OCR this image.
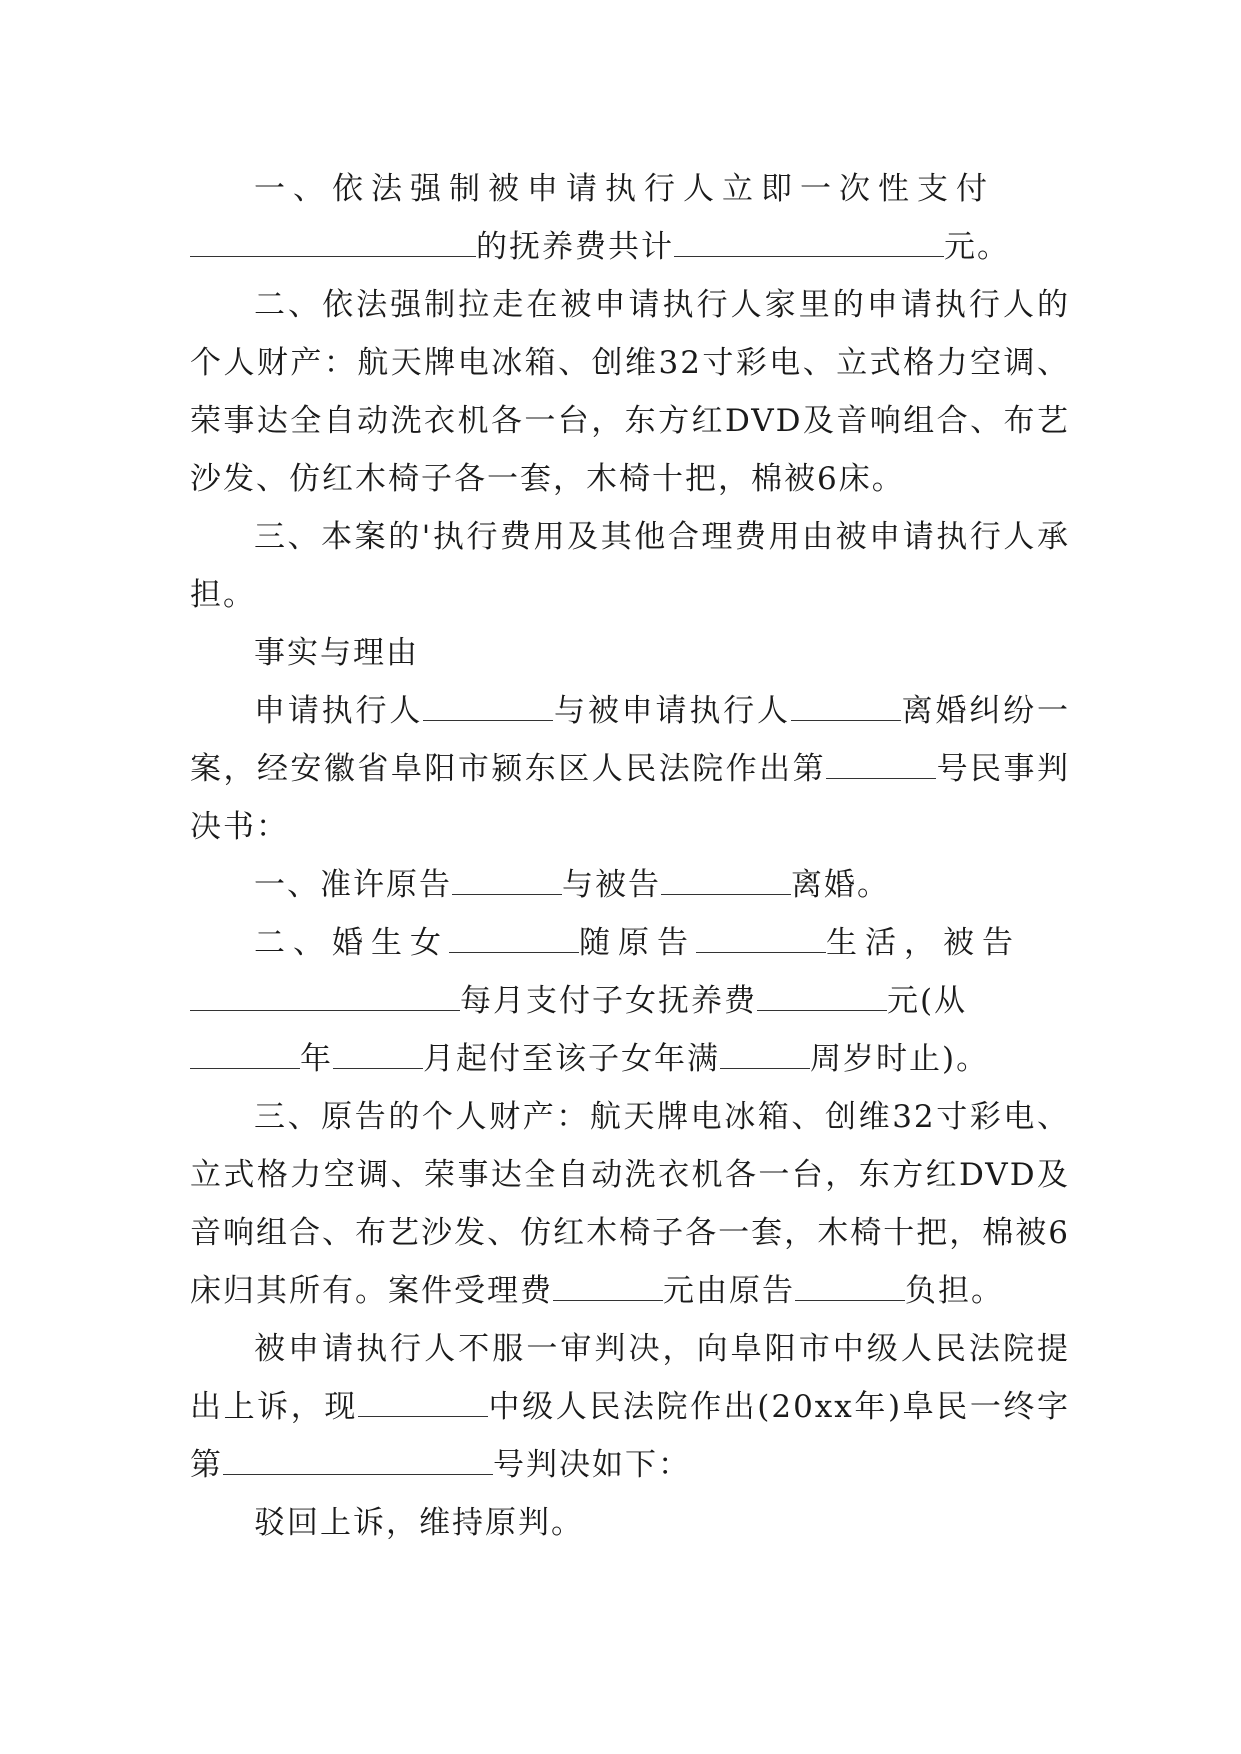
一、依法强制被申请执行人立即一次性支付
的抚养费共计	元。

二、依法强制拉走在被申请执行人家里的申请执行人的个人财产：航天牌电冰箱、创维32寸彩电、立式格力空调、荣事达全自动洗衣机各一台，东方红DVD及音响组合、布艺沙发、仿红木椅子各一套，木椅十把，棉被6床。

三、本案的'执行费用及其他合理费用由被申请执行人承担。

事实与理由

申请执行人	与被申请执行人	离婚纠纷一案，经安徽省阜阳市颍东区人民法院作出第	号民事判决书：

一、准许原告	与被告	离婚。

二、婚生女	随原告	生活，被告
每月支付子女抚养费	元(从
年	月起付至该子女年满	周岁时止)。

三、原告的个人财产：航天牌电冰箱、创维32寸彩电、立式格力空调、荣事达全自动洗衣机各一台，东方红DVD及音响组合、布艺沙发、仿红木椅子各一套，木椅十把，棉被6床归其所有。案件受理费	元由原告	负担。

被申请执行人不服一审判决，向阜阳市中级人民法院提出上诉，现	中级人民法院作出(20xx年)阜民一终字第	号判决如下：

驳回上诉，维持原判。
